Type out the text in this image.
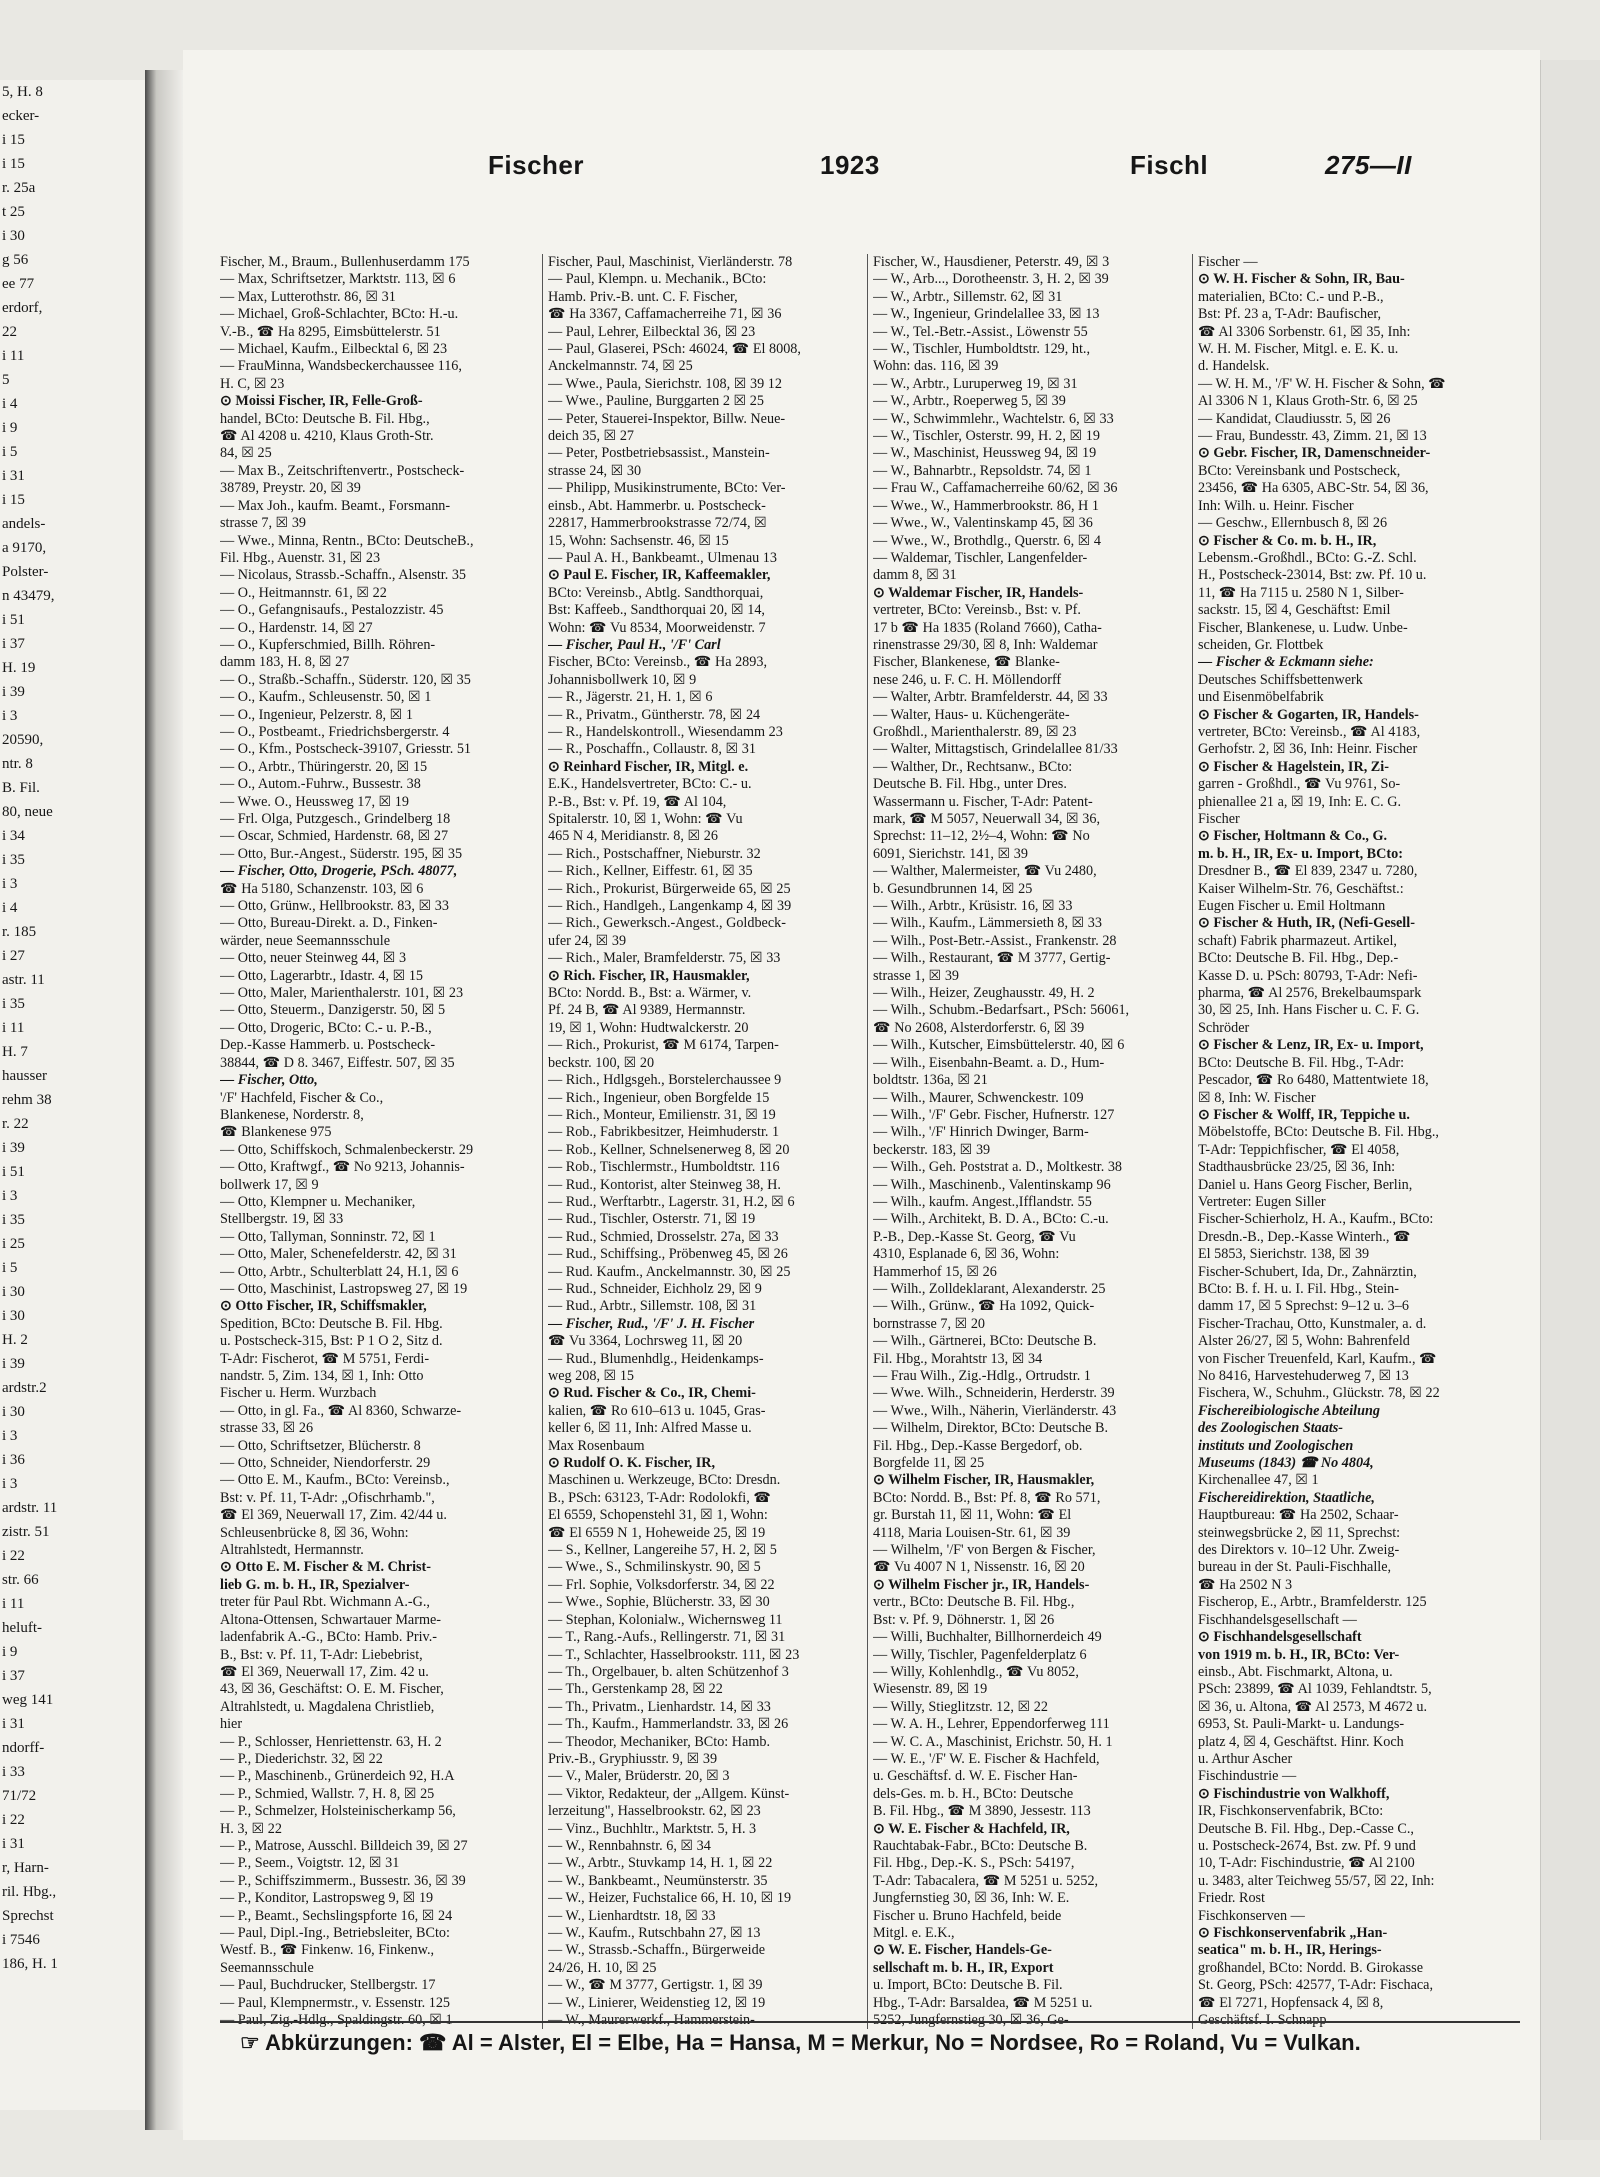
5, H. 8
ecker-
i 15
i 15
r. 25a
t 25
i 30
g 56
ee 77
erdorf,
22
i 11
5
i 4
i 9
i 5
i 31
i 15
andels-
a 9170,
Polster-
n 43479,
i 51
i 37
H. 19
i 39
i 3
20590,
ntr. 8
B. Fil.
80, neue
i 34
i 35
i 3
i 4
r. 185
i 27
astr. 11
i 35
i 11
H. 7
hausser
rehm 38
r. 22
i 39
i 51
i 3
i 35
i 25
i 5
i 30
i 30
H. 2
i 39
ardstr.2
i 30
i 3
i 36
i 3
ardstr. 11
zistr. 51
i 22
str. 66
i 11
heluft-
i 9
i 37
weg 141
i 31
ndorff-
i 33
71/72
i 22
i 31
r, Harn-
ril. Hbg.,
Sprechst
i 7546
186, H. 1
Fischer	1923	Fischl	275—II
Fischer, M., Braum., Bullenhuserdamm 175
— Max, Schriftsetzer, Marktstr. 113, ☒ 6
— Max, Lutterothstr. 86, ☒ 31
— Michael, Groß-Schlachter, BCto: H.-u.
V.-B., ☎ Ha 8295, Eimsbüttelerstr. 51
— Michael, Kaufm., Eilbecktal 6, ☒ 23
— FrauMinna, Wandsbeckerchaussee 116,
H. C, ☒ 23
⊙ Moissi Fischer, IR, Felle-Groß-
handel, BCto: Deutsche B. Fil. Hbg.,
☎ Al 4208 u. 4210, Klaus Groth-Str.
84, ☒ 25
— Max B., Zeitschriftenvertr., Postscheck-
38789, Preystr. 20, ☒ 39
— Max Joh., kaufm. Beamt., Forsmann-
strasse 7, ☒ 39
— Wwe., Minna, Rentn., BCto: DeutscheB.,
Fil. Hbg., Auenstr. 31, ☒ 23
— Nicolaus, Strassb.-Schaffn., Alsenstr. 35
— O., Heitmannstr. 61, ☒ 22
— O., Gefangnisaufs., Pestalozzistr. 45
— O., Hardenstr. 14, ☒ 27
— O., Kupferschmied, Billh. Röhren-
damm 183, H. 8, ☒ 27
— O., Straßb.-Schaffn., Süderstr. 120, ☒ 35
— O., Kaufm., Schleusenstr. 50, ☒ 1
— O., Ingenieur, Pelzerstr. 8, ☒ 1
— O., Postbeamt., Friedrichsbergerstr. 4
— O., Kfm., Postscheck-39107, Griesstr. 51
— O., Arbtr., Thüringerstr. 20, ☒ 15
— O., Autom.-Fuhrw., Bussestr. 38
— Wwe. O., Heussweg 17, ☒ 19
— Frl. Olga, Putzgesch., Grindelberg 18
— Oscar, Schmied, Hardenstr. 68, ☒ 27
— Otto, Bur.-Angest., Süderstr. 195, ☒ 35
— Fischer, Otto, Drogerie, PSch. 48077,
☎ Ha 5180, Schanzenstr. 103, ☒ 6
— Otto, Grünw., Hellbrookstr. 83, ☒ 33
— Otto, Bureau-Direkt. a. D., Finken-
wärder, neue Seemannsschule
— Otto, neuer Steinweg 44, ☒ 3
— Otto, Lagerarbtr., Idastr. 4, ☒ 15
— Otto, Maler, Marienthalerstr. 101, ☒ 23
— Otto, Steuerm., Danzigerstr. 50, ☒ 5
— Otto, Drogeric, BCto: C.- u. P.-B.,
Dep.-Kasse Hammerb. u. Postscheck-
38844, ☎ D 8. 3467, Eiffestr. 507, ☒ 35
— Fischer, Otto,
'/F' Hachfeld, Fischer & Co.,
Blankenese, Norderstr. 8,
☎ Blankenese 975
— Otto, Schiffskoch, Schmalenbeckerstr. 29
— Otto, Kraftwgf., ☎ No 9213, Johannis-
bollwerk 17, ☒ 9
— Otto, Klempner u. Mechaniker,
Stellbergstr. 19, ☒ 33
— Otto, Tallyman, Sonninstr. 72, ☒ 1
— Otto, Maler, Schenefelderstr. 42, ☒ 31
— Otto, Arbtr., Schulterblatt 24, H.1, ☒ 6
— Otto, Maschinist, Lastropsweg 27, ☒ 19
⊙ Otto Fischer, IR, Schiffsmakler,
Spedition, BCto: Deutsche B. Fil. Hbg.
u. Postscheck-315, Bst: P 1 O 2, Sitz d.
T-Adr: Fischerot, ☎ M 5751, Ferdi-
nandstr. 5, Zim. 134, ☒ 1, Inh: Otto
Fischer u. Herm. Wurzbach
— Otto, in gl. Fa., ☎ Al 8360, Schwarze-
strasse 33, ☒ 26
— Otto, Schriftsetzer, Blücherstr. 8
— Otto, Schneider, Niendorferstr. 29
— Otto E. M., Kaufm., BCto: Vereinsb.,
Bst: v. Pf. 11, T-Adr: „Ofischrhamb.",
☎ El 369, Neuerwall 17, Zim. 42/44 u.
Schleusenbrücke 8, ☒ 36, Wohn:
Altrahlstedt, Hermannstr.
⊙ Otto E. M. Fischer & M. Christ-
lieb G. m. b. H., IR, Spezialver-
treter für Paul Rbt. Wichmann A.-G.,
Altona-Ottensen, Schwartauer Marme-
ladenfabrik A.-G., BCto: Hamb. Priv.-
B., Bst: v. Pf. 11, T-Adr: Liebebrist,
☎ El 369, Neuerwall 17, Zim. 42 u.
43, ☒ 36, Geschäftst: O. E. M. Fischer,
Altrahlstedt, u. Magdalena Christlieb,
hier
— P., Schlosser, Henriettenstr. 63, H. 2
— P., Diederichstr. 32, ☒ 22
— P., Maschinenb., Grünerdeich 92, H.A
— P., Schmied, Wallstr. 7, H. 8, ☒ 25
— P., Schmelzer, Holsteinischerkamp 56,
H. 3, ☒ 22
— P., Matrose, Ausschl. Billdeich 39, ☒ 27
— P., Seem., Voigtstr. 12, ☒ 31
— P., Schiffszimmerm., Bussestr. 36, ☒ 39
— P., Konditor, Lastropsweg 9, ☒ 19
— P., Beamt., Sechslingspforte 16, ☒ 24
— Paul, Dipl.-Ing., Betriebsleiter, BCto:
Westf. B., ☎ Finkenw. 16, Finkenw.,
Seemannsschule
— Paul, Buchdrucker, Stellbergstr. 17
— Paul, Klempnermstr., v. Essenstr. 125
Fischer, Paul, Maschinist, Vierländerstr. 78
— Paul, Klempn. u. Mechanik., BCto:
Hamb. Priv.-B. unt. C. F. Fischer,
☎ Ha 3367, Caffamacherreihe 71, ☒ 36
— Paul, Lehrer, Eilbecktal 36, ☒ 23
— Paul, Glaserei, PSch: 46024, ☎ El 8008,
Anckelmannstr. 74, ☒ 25
— Wwe., Paula, Sierichstr. 108, ☒ 39 12
— Wwe., Pauline, Burggarten 2 ☒ 25
— Peter, Stauerei-Inspektor, Billw. Neue-
deich 35, ☒ 27
— Peter, Postbetriebsassist., Manstein-
strasse 24, ☒ 30
— Philipp, Musikinstrumente, BCto: Ver-
einsb., Abt. Hammerbr. u. Postscheck-
22817, Hammerbrookstrasse 72/74, ☒
15, Wohn: Sachsenstr. 46, ☒ 15
— Paul A. H., Bankbeamt., Ulmenau 13
⊙ Paul E. Fischer, IR, Kaffeemakler,
BCto: Vereinsb., Abtlg. Sandthorquai,
Bst: Kaffeeb., Sandthorquai 20, ☒ 14,
Wohn: ☎ Vu 8534, Moorweidenstr. 7
— Fischer, Paul H., '/F' Carl
Fischer, BCto: Vereinsb., ☎ Ha 2893,
Johannisbollwerk 10, ☒ 9
— R., Jägerstr. 21, H. 1, ☒ 6
— R., Privatm., Güntherstr. 78, ☒ 24
— R., Handelskontroll., Wiesendamm 23
— R., Poschaffn., Collaustr. 8, ☒ 31
⊙ Reinhard Fischer, IR, Mitgl. e.
E.K., Handelsvertreter, BCto: C.- u.
P.-B., Bst: v. Pf. 19, ☎ Al 104,
Spitalerstr. 10, ☒ 1, Wohn: ☎ Vu
465 N 4, Meridianstr. 8, ☒ 26
— Rich., Postschaffner, Nieburstr. 32
— Rich., Kellner, Eiffestr. 61, ☒ 35
— Rich., Prokurist, Bürgerweide 65, ☒ 25
— Rich., Handlgeh., Langenkamp 4, ☒ 39
— Rich., Gewerksch.-Angest., Goldbeck-
ufer 24, ☒ 39
— Rich., Maler, Bramfelderstr. 75, ☒ 33
⊙ Rich. Fischer, IR, Hausmakler,
BCto: Nordd. B., Bst: a. Wärmer, v.
Pf. 24 B, ☎ Al 9389, Hermannstr.
19, ☒ 1, Wohn: Hudtwalckerstr. 20
— Rich., Prokurist, ☎ M 6174, Tarpen-
beckstr. 100, ☒ 20
— Rich., Hdlgsgeh., Borstelerchaussee 9
— Rich., Ingenieur, oben Borgfelde 15
— Rich., Monteur, Emilienstr. 31, ☒ 19
— Rob., Fabrikbesitzer, Heimhuderstr. 1
— Rob., Kellner, Schnelsenerweg 8, ☒ 20
— Rob., Tischlermstr., Humboldtstr. 116
— Rud., Kontorist, alter Steinweg 38, H.
— Rud., Werftarbtr., Lagerstr. 31, H.2, ☒ 6
— Rud., Tischler, Osterstr. 71, ☒ 19
— Rud., Schmied, Drosselstr. 27a, ☒ 33
— Rud., Schiffsing., Pröbenweg 45, ☒ 26
— Rud. Kaufm., Anckelmannstr. 30, ☒ 25
— Rud., Schneider, Eichholz 29, ☒ 9
— Rud., Arbtr., Sillemstr. 108, ☒ 31
— Fischer, Rud., '/F' J. H. Fischer
☎ Vu 3364, Lochrsweg 11, ☒ 20
— Rud., Blumenhdlg., Heidenkamps-
weg 208, ☒ 15
⊙ Rud. Fischer & Co., IR, Chemi-
kalien, ☎ Ro 610–613 u. 1045, Gras-
keller 6, ☒ 11, Inh: Alfred Masse u.
Max Rosenbaum
⊙ Rudolf O. K. Fischer, IR,
Maschinen u. Werkzeuge, BCto: Dresdn.
B., PSch: 63123, T-Adr: Rodolokfi, ☎
El 6559, Schopenstehl 31, ☒ 1, Wohn:
☎ El 6559 N 1, Hoheweide 25, ☒ 19
— S., Kellner, Langereihe 57, H. 2, ☒ 5
— Wwe., S., Schmilinskystr. 90, ☒ 5
— Frl. Sophie, Volksdorferstr. 34, ☒ 22
— Wwe., Sophie, Blücherstr. 33, ☒ 30
— Stephan, Kolonialw., Wichernsweg 11
— T., Rang.-Aufs., Rellingerstr. 71, ☒ 31
— T., Schlachter, Hasselbrookstr. 111, ☒ 23
— Th., Orgelbauer, b. alten Schützenhof 3
— Th., Gerstenkamp 28, ☒ 22
— Th., Privatm., Lienhardstr. 14, ☒ 33
— Th., Kaufm., Hammerlandstr. 33, ☒ 26
— Theodor, Mechaniker, BCto: Hamb.
Priv.-B., Gryphiusstr. 9, ☒ 39
— V., Maler, Brüderstr. 20, ☒ 3
— Viktor, Redakteur, der „Allgem. Künst-
lerzeitung", Hasselbrookstr. 62, ☒ 23
— Vinz., Buchhltr., Marktstr. 5, H. 3
— W., Rennbahnstr. 6, ☒ 34
— W., Arbtr., Stuvkamp 14, H. 1, ☒ 22
— W., Bankbeamt., Neumünsterstr. 35
— W., Heizer, Fuchstalice 66, H. 10, ☒ 19
— W., Lienhardtstr. 18, ☒ 33
— W., Kaufm., Rutschbahn 27, ☒ 13
— W., Strassb.-Schaffn., Bürgerweide
24/26, H. 10, ☒ 25
— W., ☎ M 3777, Gertigstr. 1, ☒ 39
— W., Linierer, Weidenstieg 12, ☒ 19
Fischer, W., Hausdiener, Peterstr. 49, ☒ 3
— W., Arb..., Dorotheenstr. 3, H. 2, ☒ 39
— W., Arbtr., Sillemstr. 62, ☒ 31
— W., Ingenieur, Grindelallee 33, ☒ 13
— W., Tel.-Betr.-Assist., Löwenstr 55
— W., Tischler, Humboldtstr. 129, ht.,
Wohn: das. 116, ☒ 39
— W., Arbtr., Luruperweg 19, ☒ 31
— W., Arbtr., Roeperweg 5, ☒ 39
— W., Schwimmlehr., Wachtelstr. 6, ☒ 33
— W., Tischler, Osterstr. 99, H. 2, ☒ 19
— W., Maschinist, Heussweg 94, ☒ 19
— W., Bahnarbtr., Repsoldstr. 74, ☒ 1
— Frau W., Caffamacherreihe 60/62, ☒ 36
— Wwe., W., Hammerbrookstr. 86, H 1
— Wwe., W., Valentinskamp 45, ☒ 36
— Wwe., W., Brothdlg., Querstr. 6, ☒ 4
— Waldemar, Tischler, Langenfelder-
damm 8, ☒ 31
⊙ Waldemar Fischer, IR, Handels-
vertreter, BCto: Vereinsb., Bst: v. Pf.
17 b ☎ Ha 1835 (Roland 7660), Catha-
rinenstrasse 29/30, ☒ 8, Inh: Waldemar
Fischer, Blankenese, ☎ Blanke-
nese 246, u. F. C. H. Möllendorff
— Walter, Arbtr. Bramfelderstr. 44, ☒ 33
— Walter, Haus- u. Küchengeräte-
Großhdl., Marienthalerstr. 89, ☒ 23
— Walter, Mittagstisch, Grindelallee 81/33
— Walther, Dr., Rechtsanw., BCto:
Deutsche B. Fil. Hbg., unter Dres.
Wassermann u. Fischer, T-Adr: Patent-
mark, ☎ M 5057, Neuerwall 34, ☒ 36,
Sprechst: 11–12, 2½–4, Wohn: ☎ No
6091, Sierichstr. 141, ☒ 39
— Walther, Malermeister, ☎ Vu 2480,
b. Gesundbrunnen 14, ☒ 25
— Wilh., Arbtr., Krüsistr. 16, ☒ 33
— Wilh., Kaufm., Lämmersieth 8, ☒ 33
— Wilh., Post-Betr.-Assist., Frankenstr. 28
— Wilh., Restaurant, ☎ M 3777, Gertig-
strasse 1, ☒ 39
— Wilh., Heizer, Zeughausstr. 49, H. 2
— Wilh., Schubm.-Bedarfsart., PSch: 56061,
☎ No 2608, Alsterdorferstr. 6, ☒ 39
— Wilh., Kutscher, Eimsbüttelerstr. 40, ☒ 6
— Wilh., Eisenbahn-Beamt. a. D., Hum-
boldtstr. 136a, ☒ 21
— Wilh., Maurer, Schwenckestr. 109
— Wilh., '/F' Gebr. Fischer, Hufnerstr. 127
— Wilh., '/F' Hinrich Dwinger, Barm-
beckerstr. 183, ☒ 39
— Wilh., Geh. Poststrat a. D., Moltkestr. 38
— Wilh., Maschinenb., Valentinskamp 96
— Wilh., kaufm. Angest.,Ifflandstr. 55
— Wilh., Architekt, B. D. A., BCto: C.-u.
P.-B., Dep.-Kasse St. Georg, ☎ Vu
4310, Esplanade 6, ☒ 36, Wohn:
Hammerhof 15, ☒ 26
— Wilh., Zolldeklarant, Alexanderstr. 25
— Wilh., Grünw., ☎ Ha 1092, Quick-
bornstrasse 7, ☒ 20
— Wilh., Gärtnerei, BCto: Deutsche B.
Fil. Hbg., Morahtstr 13, ☒ 34
— Frau Wilh., Zig.-Hdlg., Ortrudstr. 1
— Wwe. Wilh., Schneiderin, Herderstr. 39
— Wwe., Wilh., Näherin, Vierländerstr. 43
— Wilhelm, Direktor, BCto: Deutsche B.
Fil. Hbg., Dep.-Kasse Bergedorf, ob.
Borgfelde 11, ☒ 25
⊙ Wilhelm Fischer, IR, Hausmakler,
BCto: Nordd. B., Bst: Pf. 8, ☎ Ro 571,
gr. Burstah 11, ☒ 11, Wohn: ☎ El
4118, Maria Louisen-Str. 61, ☒ 39
— Wilhelm, '/F' von Bergen & Fischer,
☎ Vu 4007 N 1, Nissenstr. 16, ☒ 20
⊙ Wilhelm Fischer jr., IR, Handels-
vertr., BCto: Deutsche B. Fil. Hbg.,
Bst: v. Pf. 9, Döhnerstr. 1, ☒ 26
— Willi, Buchhalter, Billhornerdeich 49
— Willy, Tischler, Pagenfelderplatz 6
— Willy, Kohlenhdlg., ☎ Vu 8052,
Wiesenstr. 89, ☒ 19
— Willy, Stieglitzstr. 12, ☒ 22
— W. A. H., Lehrer, Eppendorferweg 111
— W. C. A., Maschinist, Erichstr. 50, H. 1
— W. E., '/F' W. E. Fischer & Hachfeld,
u. Geschäftsf. d. W. E. Fischer Han-
dels-Ges. m. b. H., BCto: Deutsche
B. Fil. Hbg., ☎ M 3890, Jessestr. 113
⊙ W. E. Fischer & Hachfeld, IR,
Rauchtabak-Fabr., BCto: Deutsche B.
Fil. Hbg., Dep.-K. S., PSch: 54197,
T-Adr: Tabacalera, ☎ M 5251 u. 5252,
Jungfernstieg 30, ☒ 36, Inh: W. E.
Fischer u. Bruno Hachfeld, beide
Mitgl. e. E.K.,
⊙ W. E. Fischer, Handels-Ge-
sellschaft m. b. H., IR, Export
u. Import, BCto: Deutsche B. Fil.
Hbg., T-Adr: Barsaldea, ☎ M 5251 u.
Fischer —
⊙ W. H. Fischer & Sohn, IR, Bau-
materialien, BCto: C.- und P.-B.,
Bst: Pf. 23 a, T-Adr: Baufischer,
☎ Al 3306 Sorbenstr. 61, ☒ 35, Inh:
W. H. M. Fischer, Mitgl. e. E. K. u.
d. Handelsk.
— W. H. M., '/F' W. H. Fischer & Sohn, ☎
Al 3306 N 1, Klaus Groth-Str. 6, ☒ 25
— Kandidat, Claudiusstr. 5, ☒ 26
— Frau, Bundesstr. 43, Zimm. 21, ☒ 13
⊙ Gebr. Fischer, IR, Damenschneider-
BCto: Vereinsbank und Postscheck,
23456, ☎ Ha 6305, ABC-Str. 54, ☒ 36,
Inh: Wilh. u. Heinr. Fischer
— Geschw., Ellernbusch 8, ☒ 26
⊙ Fischer & Co. m. b. H., IR,
Lebensm.-Großhdl., BCto: G.-Z. Schl.
H., Postscheck-23014, Bst: zw. Pf. 10 u.
11, ☎ Ha 7115 u. 2580 N 1, Silber-
sackstr. 15, ☒ 4, Geschäftst: Emil
Fischer, Blankenese, u. Ludw. Unbe-
scheiden, Gr. Flottbek
— Fischer & Eckmann siehe:
Deutsches Schiffsbettenwerk
und Eisenmöbelfabrik
⊙ Fischer & Gogarten, IR, Handels-
vertreter, BCto: Vereinsb., ☎ Al 4183,
Gerhofstr. 2, ☒ 36, Inh: Heinr. Fischer
⊙ Fischer & Hagelstein, IR, Zi-
garren - Großhdl., ☎ Vu 9761, So-
phienallee 21 a, ☒ 19, Inh: E. C. G.
Fischer
⊙ Fischer, Holtmann & Co., G.
m. b. H., IR, Ex- u. Import, BCto:
Dresdner B., ☎ El 839, 2347 u. 7280,
Kaiser Wilhelm-Str. 76, Geschäftst.:
Eugen Fischer u. Emil Holtmann
⊙ Fischer & Huth, IR, (Nefi-Gesell-
schaft) Fabrik pharmazeut. Artikel,
BCto: Deutsche B. Fil. Hbg., Dep.-
Kasse D. u. PSch: 80793, T-Adr: Nefi-
pharma, ☎ Al 2576, Brekelbaumspark
30, ☒ 25, Inh. Hans Fischer u. C. F. G.
Schröder
⊙ Fischer & Lenz, IR, Ex- u. Import,
BCto: Deutsche B. Fil. Hbg., T-Adr:
Pescador, ☎ Ro 6480, Mattentwiete 18,
☒ 8, Inh: W. Fischer
⊙ Fischer & Wolff, IR, Teppiche u.
Möbelstoffe, BCto: Deutsche B. Fil. Hbg.,
T-Adr: Teppichfischer, ☎ El 4058,
Stadthausbrücke 23/25, ☒ 36, Inh:
Daniel u. Hans Georg Fischer, Berlin,
Vertreter: Eugen Siller
Fischer-Schierholz, H. A., Kaufm., BCto:
Dresdn.-B., Dep.-Kasse Winterh., ☎
El 5853, Sierichstr. 138, ☒ 39
Fischer-Schubert, Ida, Dr., Zahnärztin,
BCto: B. f. H. u. I. Fil. Hbg., Stein-
damm 17, ☒ 5 Sprechst: 9–12 u. 3–6
Fischer-Trachau, Otto, Kunstmaler, a. d.
Alster 26/27, ☒ 5, Wohn: Bahrenfeld
von Fischer Treuenfeld, Karl, Kaufm., ☎
No 8416, Harvestehuderweg 7, ☒ 13
Fischera, W., Schuhm., Glückstr. 78, ☒ 22
Fischereibiologische Abteilung
des Zoologischen Staats-
instituts und Zoologischen
Museums (1843) ☎ No 4804,
Kirchenallee 47, ☒ 1
Fischereidirektion, Staatliche,
Hauptbureau: ☎ Ha 2502, Schaar-
steinwegsbrücke 2, ☒ 11, Sprechst:
des Direktors v. 10–12 Uhr. Zweig-
bureau in der St. Pauli-Fischhalle,
☎ Ha 2502 N 3
Fischerop, E., Arbtr., Bramfelderstr. 125
Fischhandelsgesellschaft —
⊙ Fischhandelsgesellschaft
von 1919 m. b. H., IR, BCto: Ver-
einsb., Abt. Fischmarkt, Altona, u.
PSch: 23899, ☎ Al 1039, Fehlandtstr. 5,
☒ 36, u. Altona, ☎ Al 2573, M 4672 u.
6953, St. Pauli-Markt- u. Landungs-
platz 4, ☒ 4, Geschäftst. Hinr. Koch
u. Arthur Ascher
Fischindustrie —
⊙ Fischindustrie von Walkhoff,
IR, Fischkonservenfabrik, BCto:
Deutsche B. Fil. Hbg., Dep.-Casse C.,
u. Postscheck-2674, Bst. zw. Pf. 9 und
10, T-Adr: Fischindustrie, ☎ Al 2100
u. 3483, alter Teichweg 55/57, ☒ 22, Inh:
Friedr. Rost
Fischkonserven —
⊙ Fischkonservenfabrik „Han-
seatica" m. b. H., IR, Herings-
großhandel, BCto: Nordd. B. Girokasse
St. Georg, PSch: 42577, T-Adr: Fischaca,
☎ El 7271, Hopfensack 4, ☒ 8,
☞ Abkürzungen: ☎ Al = Alster, El = Elbe, Ha = Hansa, M = Merkur, No = Nordsee, Ro = Roland, Vu = Vulkan.
